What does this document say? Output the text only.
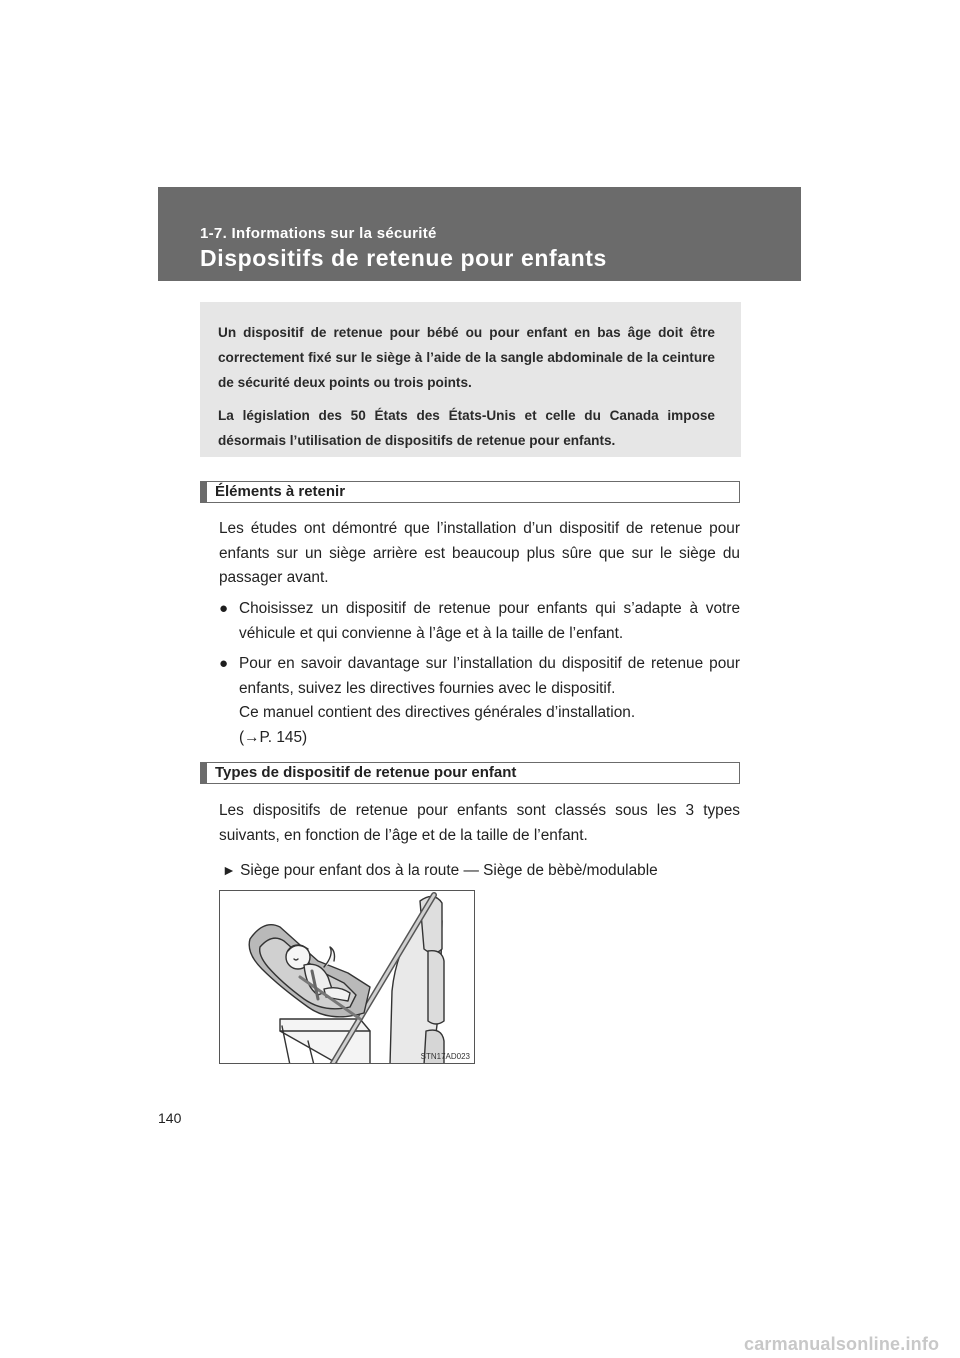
1-7. Informations sur la sécurité
Dispositifs de retenue pour enfants

Un dispositif de retenue pour bébé ou pour enfant en bas âge doit être correctement fixé sur le siège à l’aide de la sangle abdominale de la ceinture de sécurité deux points ou trois points.

La législation des 50 États des États-Unis et celle du Canada impose désormais l’utilisation de dispositifs de retenue pour enfants.

Éléments à retenir

Les études ont démontré que l’installation d’un dispositif de retenue pour enfants sur un siège arrière est beaucoup plus sûre que sur le siège du passager avant.

● Choisissez un dispositif de retenue pour enfants qui s’adapte à votre véhicule et qui convienne à l’âge et à la taille de l’enfant.
● Pour en savoir davantage sur l’installation du dispositif de retenue pour enfants, suivez les directives fournies avec le dispositif.
Ce manuel contient des directives générales d’installation.
(→P. 145)
Types de dispositif de retenue pour enfant

Les dispositifs de retenue pour enfants sont classés sous les 3 types suivants, en fonction de l’âge et de la taille de l’enfant.

► Siège pour enfant dos à la route — Siège de bèbè/modulable
STN17AD023
140
carmanualsonline.info
